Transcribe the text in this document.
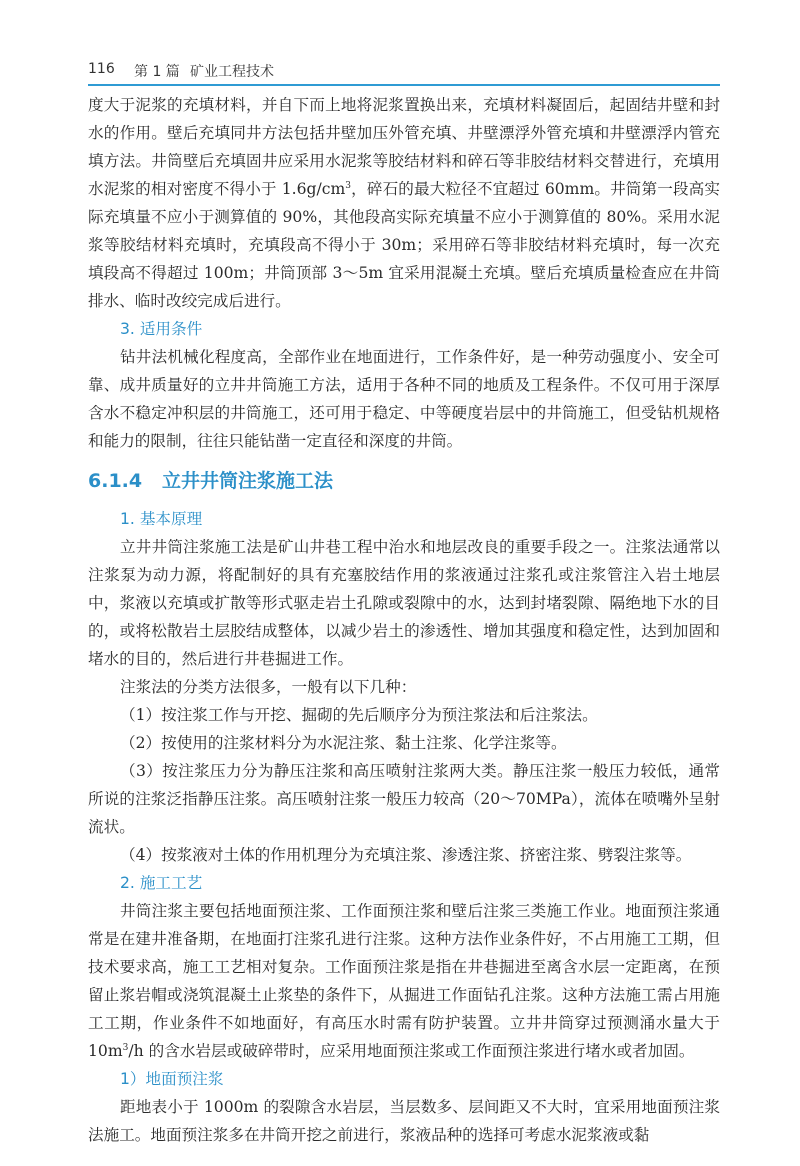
116 第 1 篇 矿业工程技术

度大于泥浆的充填材料，并自下而上地将泥浆置换出来，充填材料凝固后，起固结井壁和封水的作用。壁后充填同井方法包括井壁加压外管充填、井壁漂浮外管充填和井壁漂浮内管充填方法。井筒壁后充填固井应采用水泥浆等胶结材料和碎石等非胶结材料交替进行，充填用水泥浆的相对密度不得小于 $1.6g/cm^3$，碎石的最大粒径不宜超过 60mm。井筒第一段高实际充填量不应小于测算值的 90%，其他段高实际充填量不应小于测算值的 80%。采用水泥浆等胶结材料充填时，充填段高不得小于 30m；采用碎石等非胶结材料充填时，每一次充填段高不得超过 100m；井筒顶部 3～5m 宜采用混凝土充填。壁后充填质量检查应在井筒排水、临时改绞完成后进行。

3. 适用条件

钻井法机械化程度高，全部作业在地面进行，工作条件好，是一种劳动强度小、安全可靠、成井质量好的立井井筒施工方法，适用于各种不同的地质及工程条件。不仅可用于深厚含水不稳定冲积层的井筒施工，还可用于稳定、中等硬度岩层中的井筒施工，但受钻机规格和能力的限制，往往只能钻凿一定直径和深度的井筒。

6.1.4 立井井筒注浆施工法
1. 基本原理

立井井筒注浆施工法是矿山井巷工程中治水和地层改良的重要手段之一。注浆法通常以注浆泵为动力源，将配制好的具有充塞胶结作用的浆液通过注浆孔或注浆管注入岩土地层中，浆液以充填或扩散等形式驱走岩土孔隙或裂隙中的水，达到封堵裂隙、隔绝地下水的目的，或将松散岩土层胶结成整体，以减少岩土的渗透性、增加其强度和稳定性，达到加固和堵水的目的，然后进行井巷掘进工作。

注浆法的分类方法很多，一般有以下几种：

（1）按注浆工作与开挖、掘砌的先后顺序分为预注浆法和后注浆法。

（2）按使用的注浆材料分为水泥注浆、黏土注浆、化学注浆等。

（3）按注浆压力分为静压注浆和高压喷射注浆两大类。静压注浆一般压力较低，通常所说的注浆泛指静压注浆。高压喷射注浆一般压力较高（20～70MPa），流体在喷嘴外呈射流状。

（4）按浆液对土体的作用机理分为充填注浆、渗透注浆、挤密注浆、劈裂注浆等。

2. 施工工艺

井筒注浆主要包括地面预注浆、工作面预注浆和壁后注浆三类施工作业。地面预注浆通常是在建井准备期，在地面打注浆孔进行注浆。这种方法作业条件好，不占用施工工期，但技术要求高，施工工艺相对复杂。工作面预注浆是指在井巷掘进至离含水层一定距离，在预留止浆岩帽或浇筑混凝土止浆垫的条件下，从掘进工作面钻孔注浆。这种方法施工需占用施工工期，作业条件不如地面好，有高压水时需有防护装置。立井井筒穿过预测涌水量大于 $10m^3/h$ 的含水岩层或破碎带时，应采用地面预注浆或工作面预注浆进行堵水或者加固。

1）地面预注浆

距地表小于 1000m 的裂隙含水岩层，当层数多、层间距又不大时，宜采用地面预注浆法施工。地面预注浆多在井筒开挖之前进行，浆液品种的选择可考虑水泥浆液或黏
